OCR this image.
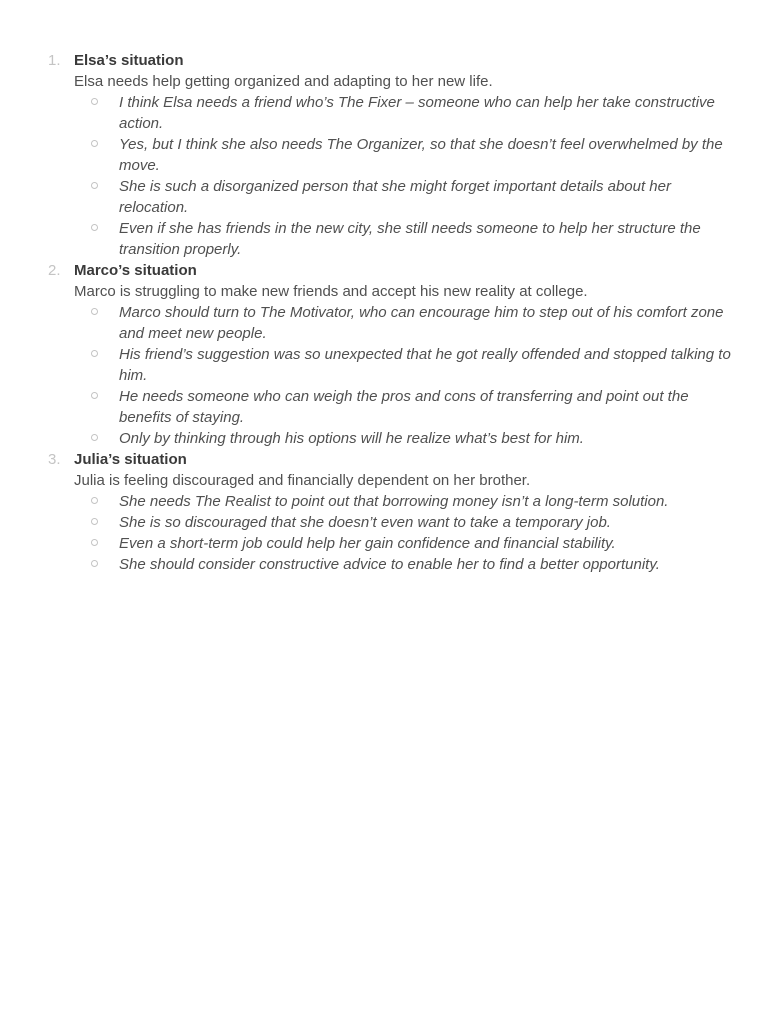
1. Elsa’s situation
Elsa needs help getting organized and adapting to her new life.
I think Elsa needs a friend who’s The Fixer – someone who can help her take constructive action.
Yes, but I think she also needs The Organizer, so that she doesn’t feel overwhelmed by the move.
She is such a disorganized person that she might forget important details about her relocation.
Even if she has friends in the new city, she still needs someone to help her structure the transition properly.
2. Marco’s situation
Marco is struggling to make new friends and accept his new reality at college.
Marco should turn to The Motivator, who can encourage him to step out of his comfort zone and meet new people.
His friend’s suggestion was so unexpected that he got really offended and stopped talking to him.
He needs someone who can weigh the pros and cons of transferring and point out the benefits of staying.
Only by thinking through his options will he realize what’s best for him.
3. Julia’s situation
Julia is feeling discouraged and financially dependent on her brother.
She needs The Realist to point out that borrowing money isn’t a long-term solution.
She is so discouraged that she doesn’t even want to take a temporary job.
Even a short-term job could help her gain confidence and financial stability.
She should consider constructive advice to enable her to find a better opportunity.
